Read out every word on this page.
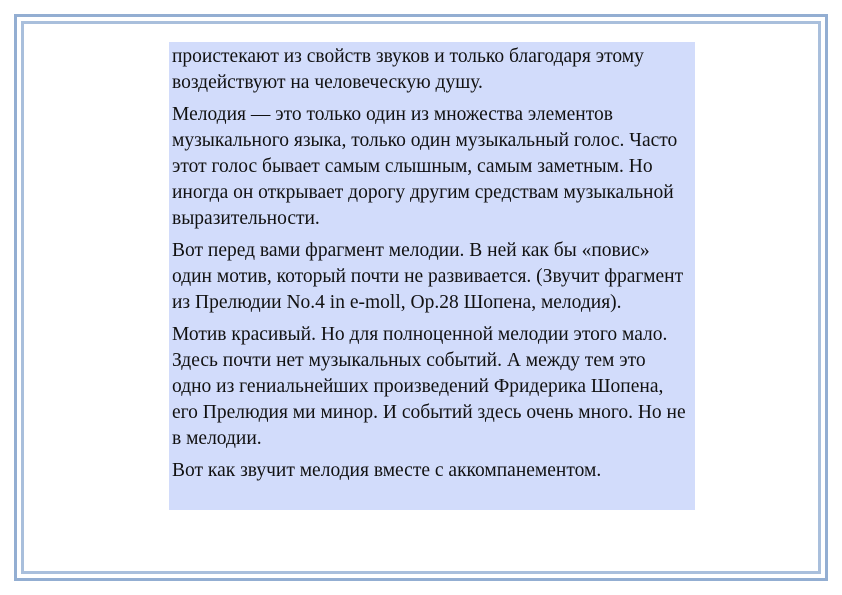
проистекают из свойств звуков и только благодаря этому воздействуют на человеческую душу.

Мелодия — это только один из множества элементов музыкального языка, только один музыкальный голос. Часто этот голос бывает самым слышным, самым заметным. Но иногда он открывает дорогу другим средствам музыкальной выразительности.

Вот перед вами фрагмент мелодии. В ней как бы «повис» один мотив, который почти не развивается. (Звучит фрагмент из Прелюдии No.4 in e-moll, Op.28 Шопена, мелодия).

Мотив красивый. Но для полноценной мелодии этого мало. Здесь почти нет музыкальных событий. А между тем это одно из гениальнейших произведений Фридерика Шопена, его Прелюдия ми минор. И событий здесь очень много. Но не в мелодии.

Вот как звучит мелодия вместе с аккомпанементом.
